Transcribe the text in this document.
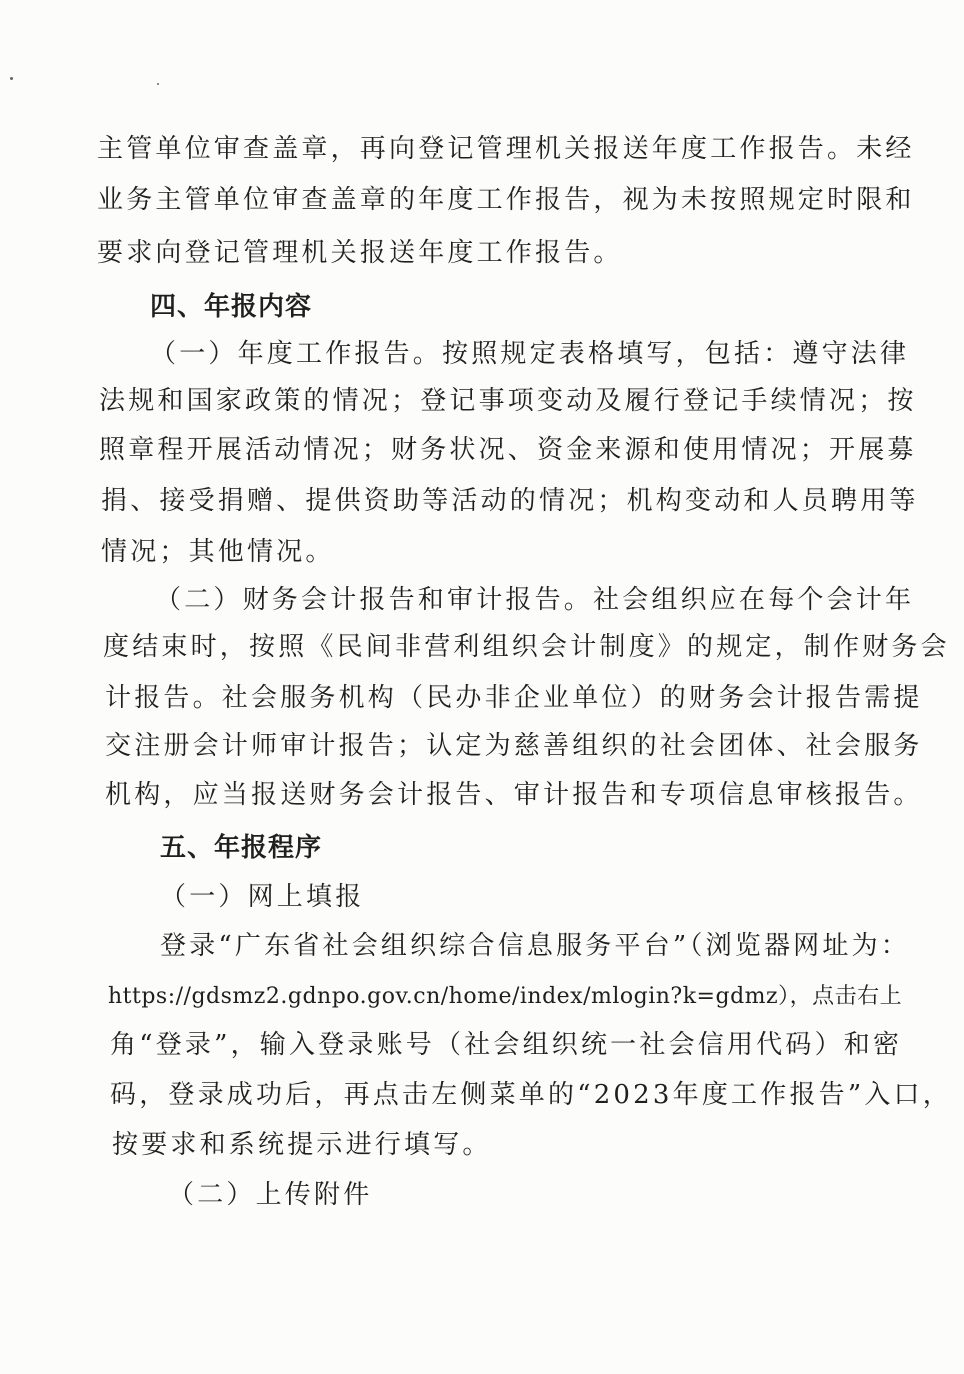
主管单位审查盖章，再向登记管理机关报送年度工作报告。未经
业务主管单位审查盖章的年度工作报告，视为未按照规定时限和
要求向登记管理机关报送年度工作报告。
四、年报内容
（一）年度工作报告。按照规定表格填写，包括：遵守法律
法规和国家政策的情况；登记事项变动及履行登记手续情况；按
照章程开展活动情况；财务状况、资金来源和使用情况；开展募
捐、接受捐赠、提供资助等活动的情况；机构变动和人员聘用等
情况；其他情况。
（二）财务会计报告和审计报告。社会组织应在每个会计年
度结束时，按照《民间非营利组织会计制度》的规定，制作财务会
计报告。社会服务机构（民办非企业单位）的财务会计报告需提
交注册会计师审计报告；认定为慈善组织的社会团体、社会服务
机构，应当报送财务会计报告、审计报告和专项信息审核报告。
五、年报程序
（一）网上填报
登录“广东省社会组织综合信息服务平台”（浏览器网址为：
https://gdsmz2.gdnpo.gov.cn/home/index/mlogin?k=gdmz），点击右上
角“登录”，输入登录账号（社会组织统一社会信用代码）和密
码，登录成功后，再点击左侧菜单的“2023年度工作报告”入口，
按要求和系统提示进行填写。
（二）上传附件
